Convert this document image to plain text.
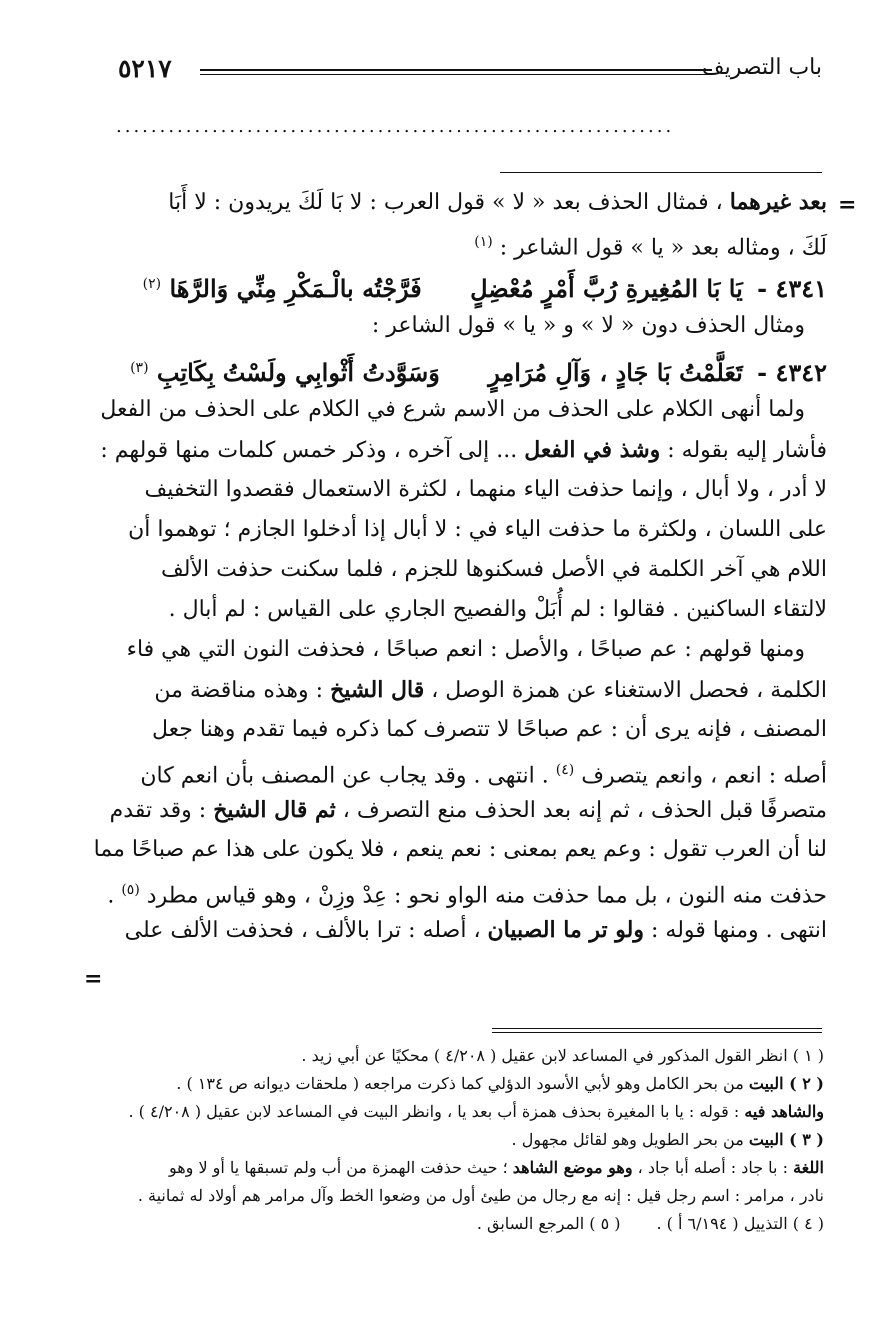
٥٢١٧	باب التصريف
................................................................
=
بعد غيرهما ، فمثال الحذف بعد « لا » قول العرب : لا بَا لَكَ يريدون : لا أَبَا
لَكَ ، ومثاله بعد « يا » قول الشاعر : $^{(١)}$
٤٣٤١ - يَا بَا المُغِيرةِ رُبَّ أَمْرٍ مُعْضِلٍ فَرَّجْتُه بالْـمَكْرِ مِنِّي وَالرَّهَا $^{(٢)}$
ومثال الحذف دون « لا » و « يا » قول الشاعر :
٤٣٤٢ - تَعَلَّمْتُ بَا جَادٍ ، وَآلِ مُرَامِرٍ وَسَوَّدتُ أَثْوابِي ولَسْتُ بِكَاتِبِ $^{(٣)}$
ولما أنهى الكلام على الحذف من الاسم شرع في الكلام على الحذف من الفعل
فأشار إليه بقوله : وشذ في الفعل ... إلى آخره ، وذكر خمس كلمات منها قولهم :
لا أدر ، ولا أبال ، وإنما حذفت الياء منهما ، لكثرة الاستعمال فقصدوا التخفيف
على اللسان ، ولكثرة ما حذفت الياء في : لا أبال إذا أدخلوا الجازم ؛ توهموا أن
اللام هي آخر الكلمة في الأصل فسكنوها للجزم ، فلما سكنت حذفت الألف
لالتقاء الساكنين . فقالوا : لم أُبَلْ والفصيح الجاري على القياس : لم أبال .
ومنها قولهم : عم صباحًا ، والأصل : انعم صباحًا ، فحذفت النون التي هي فاء
الكلمة ، فحصل الاستغناء عن همزة الوصل ، قال الشيخ : وهذه مناقضة من
المصنف ، فإنه يرى أن : عم صباحًا لا تتصرف كما ذكره فيما تقدم وهنا جعل
أصله : انعم ، وانعم يتصرف $^{(٤)}$ . انتهى . وقد يجاب عن المصنف بأن انعم كان
متصرفًا قبل الحذف ، ثم إنه بعد الحذف منع التصرف ، ثم قال الشيخ : وقد تقدم
لنا أن العرب تقول : وعم يعم بمعنى : نعم ينعم ، فلا يكون على هذا عم صباحًا مما
حذفت منه النون ، بل مما حذفت منه الواو نحو : عِدْ وزِنْ ، وهو قياس مطرد $^{(٥)}$ .
انتهى . ومنها قوله : ولو تر ما الصبيان ، أصله : ترا بالألف ، فحذفت الألف على
=
( ١ ) انظر القول المذكور في المساعد لابن عقيل ( ٤/٢٠٨ ) محكيًا عن أبي زيد .
( ٢ ) البيت من بحر الكامل وهو لأبي الأسود الدؤلي كما ذكرت مراجعه ( ملحقات ديوانه ص ١٣٤ ) .
والشاهد فيه : قوله : يا با المغيرة بحذف همزة أب بعد يا ، وانظر البيت في المساعد لابن عقيل ( ٤/٢٠٨ ) .
( ٣ ) البيت من بحر الطويل وهو لقائل مجهول .
اللغة : با جاد : أصله أبا جاد ، وهو موضع الشاهد ؛ حيث حذفت الهمزة من أب ولم تسبقها يا أو لا وهو
نادر ، مرامر : اسم رجل قيل : إنه مع رجال من طيئ أول من وضعوا الخط وآل مرامر هم أولاد له ثمانية .
( ٤ ) التذييل ( ٦/١٩٤ أ ) .
( ٥ ) المرجع السابق .
